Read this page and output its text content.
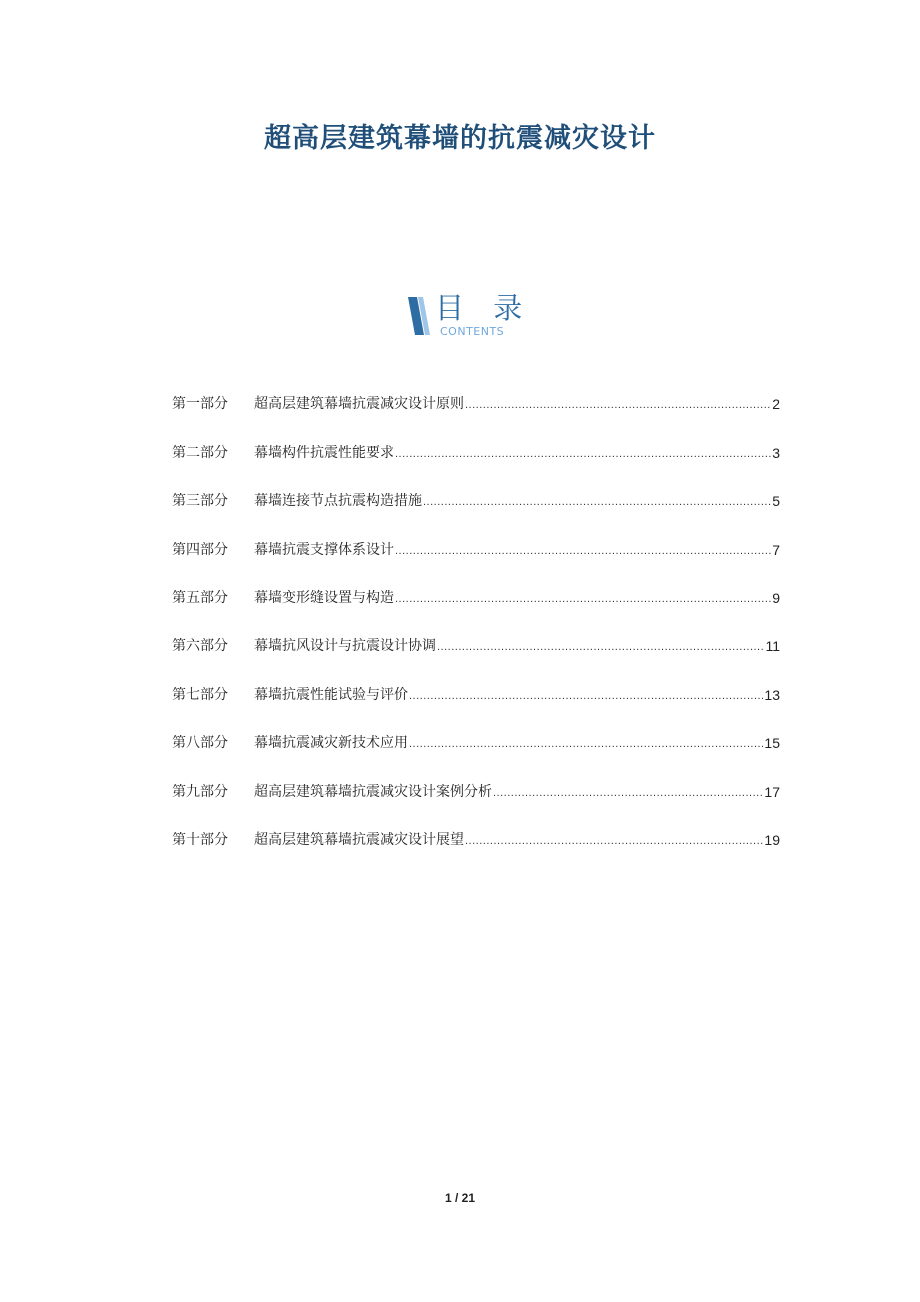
超高层建筑幕墙的抗震减灾设计
目 录
CONTENTS
第一部分	超高层建筑幕墙抗震减灾设计原则 .....	2
第二部分	幕墙构件抗震性能要求 .....	3
第三部分	幕墙连接节点抗震构造措施 .....	5
第四部分	幕墙抗震支撑体系设计 .....	7
第五部分	幕墙变形缝设置与构造 .....	9
第六部分	幕墙抗风设计与抗震设计协调 .....	11
第七部分	幕墙抗震性能试验与评价 .....	13
第八部分	幕墙抗震减灾新技术应用 .....	15
第九部分	超高层建筑幕墙抗震减灾设计案例分析 .....	17
第十部分	超高层建筑幕墙抗震减灾设计展望 .....	19
1 / 21
